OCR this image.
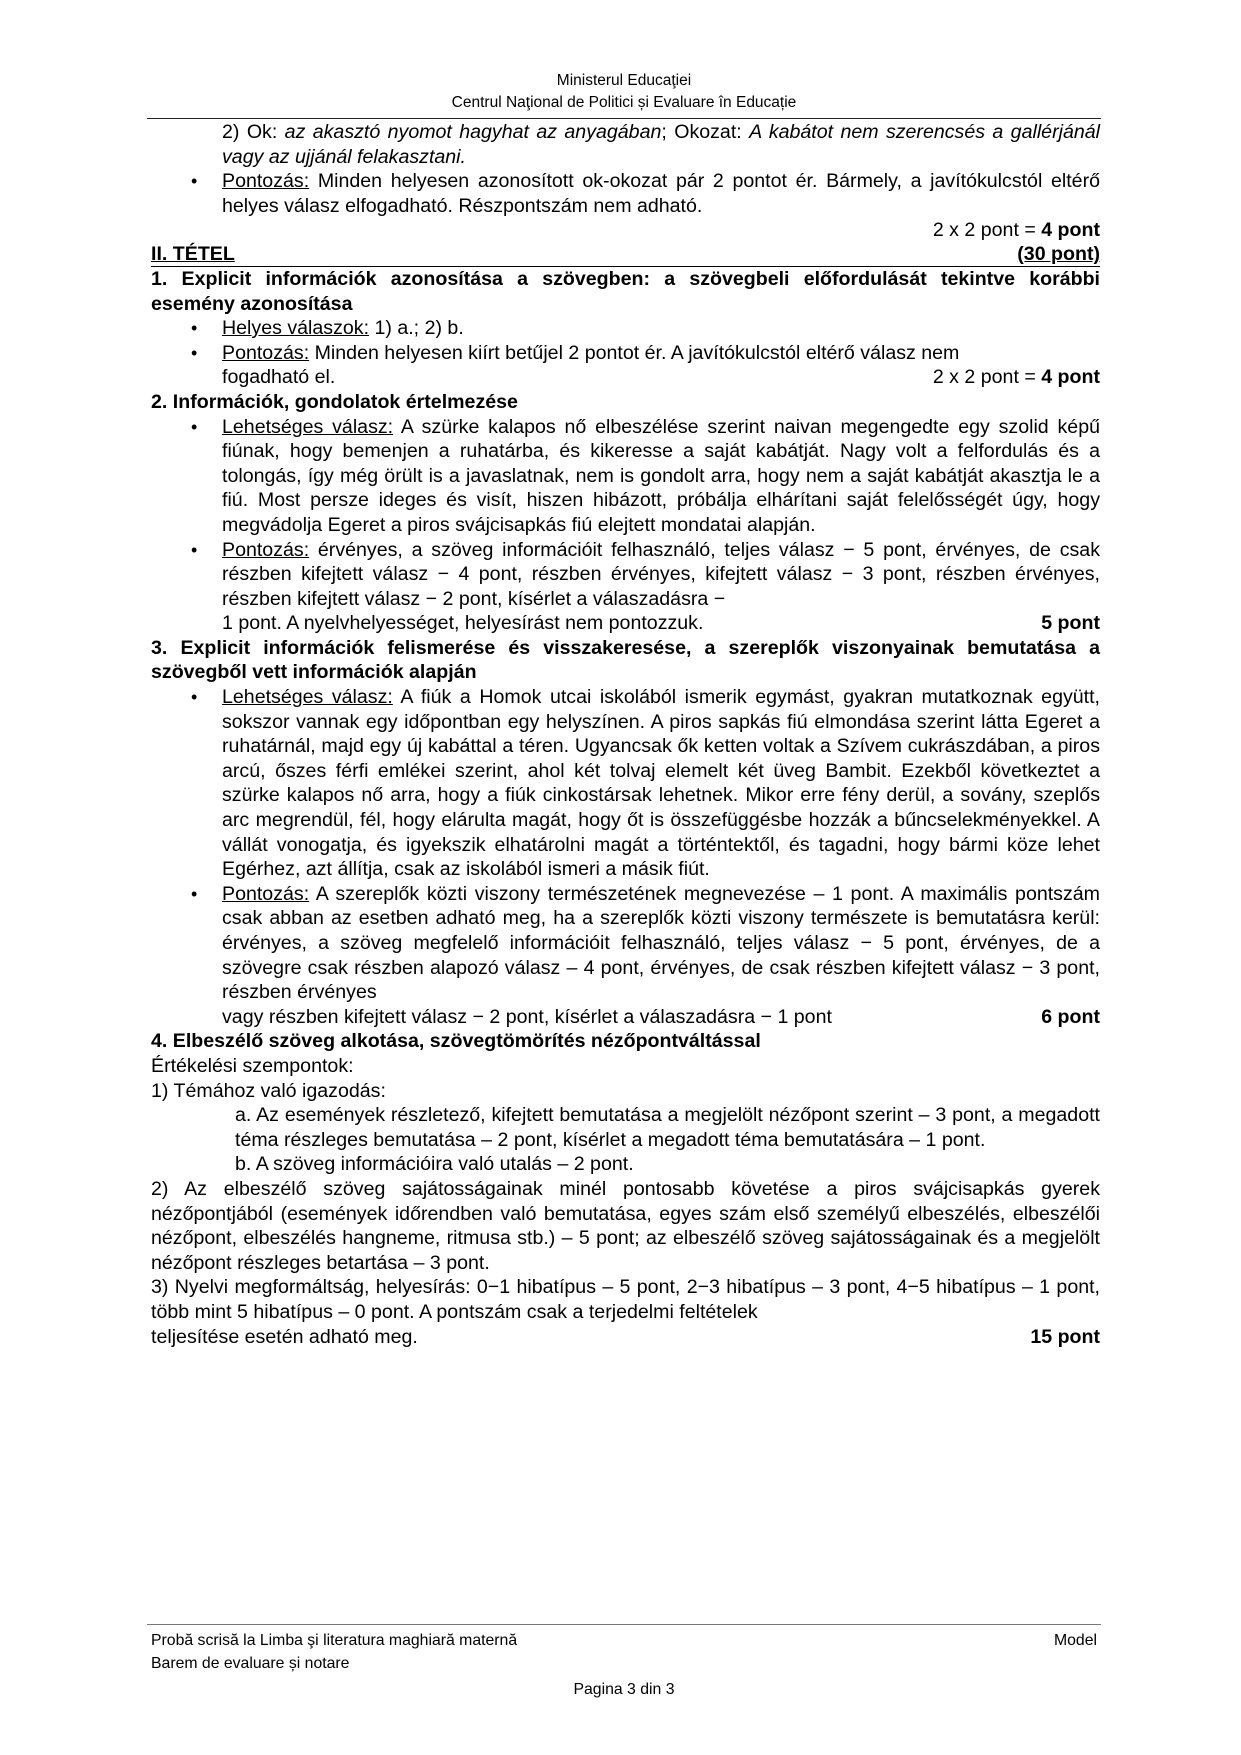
Ministerul Educaţiei
Centrul Naţional de Politici și Evaluare în Educație
2) Ok: az akasztó nyomot hagyhat az anyagában; Okozat: A kabátot nem szerencsés a gallérjánál vagy az ujjánál felakasztani.
• Pontozás: Minden helyesen azonosított ok-okozat pár 2 pontot ér. Bármely, a javítókulcstól eltérő helyes válasz elfogadható. Részpontszám nem adható.
2 x 2 pont = 4 pont
II. TÉTEL	(30 pont)

1. Explicit információk azonosítása a szövegben: a szövegbeli előfordulását tekintve korábbi esemény azonosítása

• Helyes válaszok: 1) a.; 2) b.
• Pontozás: Minden helyesen kiírt betűjel 2 pontot ér. A javítókulcstól eltérő válasz nem
fogadható el.	2 x 2 pont = 4 pont

2. Információk, gondolatok értelmezése

• Lehetséges válasz: A szürke kalapos nő elbeszélése szerint naivan megengedte egy szolid képű fiúnak, hogy bemenjen a ruhatárba, és kikeresse a saját kabátját. Nagy volt a felfordulás és a tolongás, így még örült is a javaslatnak, nem is gondolt arra, hogy nem a saját kabátját akasztja le a fiú. Most persze ideges és visít, hiszen hibázott, próbálja elhárítani saját felelősségét úgy, hogy megvádolja Egeret a piros svájcisapkás fiú elejtett mondatai alapján.
• Pontozás: érvényes, a szöveg információit felhasználó, teljes válasz − 5 pont, érvényes, de csak részben kifejtett válasz − 4 pont, részben érvényes, kifejtett válasz − 3 pont, részben érvényes, részben kifejtett válasz − 2 pont, kísérlet a válaszadásra −
1 pont. A nyelvhelyességet, helyesírást nem pontozzuk.	5 pont

3. Explicit információk felismerése és visszakeresése, a szereplők viszonyainak bemutatása a szövegből vett információk alapján

• Lehetséges válasz: A fiúk a Homok utcai iskolából ismerik egymást, gyakran mutatkoznak együtt, sokszor vannak egy időpontban egy helyszínen. A piros sapkás fiú elmondása szerint látta Egeret a ruhatárnál, majd egy új kabáttal a téren. Ugyancsak ők ketten voltak a Szívem cukrászdában, a piros arcú, őszes férfi emlékei szerint, ahol két tolvaj elemelt két üveg Bambit. Ezekből következtet a szürke kalapos nő arra, hogy a fiúk cinkostársak lehetnek. Mikor erre fény derül, a sovány, szeplős arc megrendül, fél, hogy elárulta magát, hogy őt is összefüggésbe hozzák a bűncselekményekkel. A vállát vonogatja, és igyekszik elhatárolni magát a történtektől, és tagadni, hogy bármi köze lehet Egérhez, azt állítja, csak az iskolából ismeri a másik fiút.
• Pontozás: A szereplők közti viszony természetének megnevezése – 1 pont. A maximális pontszám csak abban az esetben adható meg, ha a szereplők közti viszony természete is bemutatásra kerül: érvényes, a szöveg megfelelő információit felhasználó, teljes válasz − 5 pont, érvényes, de a szövegre csak részben alapozó válasz – 4 pont, érvényes, de csak részben kifejtett válasz − 3 pont, részben érvényes
vagy részben kifejtett válasz − 2 pont, kísérlet a válaszadásra − 1 pont	6 pont

4. Elbeszélő szöveg alkotása, szövegtömörítés nézőpontváltással

Értékelési szempontok:

1) Témához való igazodás:

a. Az események részletező, kifejtett bemutatása a megjelölt nézőpont szerint – 3 pont, a megadott téma részleges bemutatása – 2 pont, kísérlet a megadott téma bemutatására – 1 pont.

b. A szöveg információira való utalás – 2 pont.

2) Az elbeszélő szöveg sajátosságainak minél pontosabb követése a piros svájcisapkás gyerek nézőpontjából (események időrendben való bemutatása, egyes szám első személyű elbeszélés, elbeszélői nézőpont, elbeszélés hangneme, ritmusa stb.) – 5 pont; az elbeszélő szöveg sajátosságainak és a megjelölt nézőpont részleges betartása – 3 pont.

3) Nyelvi megformáltság, helyesírás: 0−1 hibatípus – 5 pont, 2−3 hibatípus – 3 pont, 4−5 hibatípus – 1 pont, több mint 5 hibatípus – 0 pont. A pontszám csak a terjedelmi feltételek

teljesítése esetén adható meg.	15 pont
Probă scrisă la Limba şi literatura maghiară maternă	Model
Barem de evaluare și notare
Pagina 3 din 3
